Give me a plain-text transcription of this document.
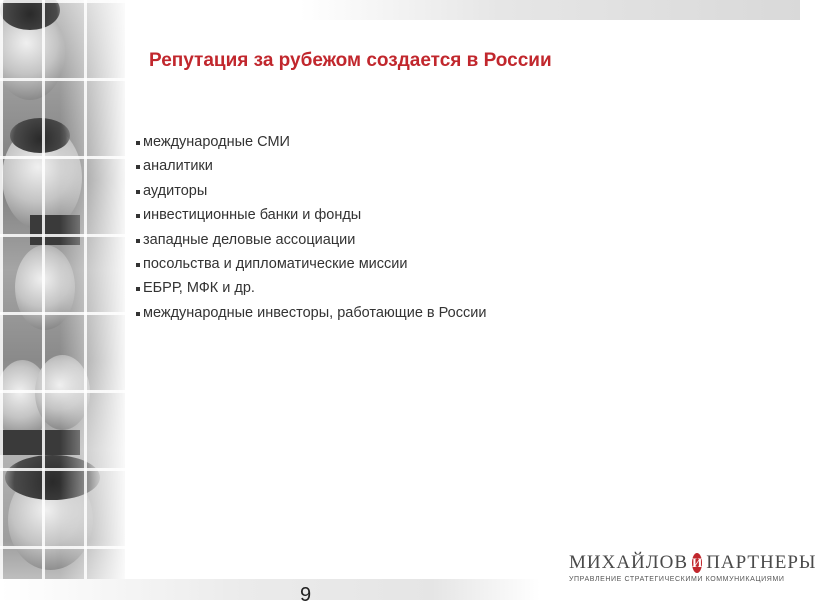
Репутация за рубежом создается в России
международные СМИ
аналитики
аудиторы
инвестиционные банки и фонды
западные деловые ассоциации
посольства и дипломатические миссии
ЕБРР, МФК и др.
международные инвесторы, работающие в России
9
МИХАЙЛОВ И ПАРТНЕРЫ
УПРАВЛЕНИЕ СТРАТЕГИЧЕСКИМИ КОММУНИКАЦИЯМИ
